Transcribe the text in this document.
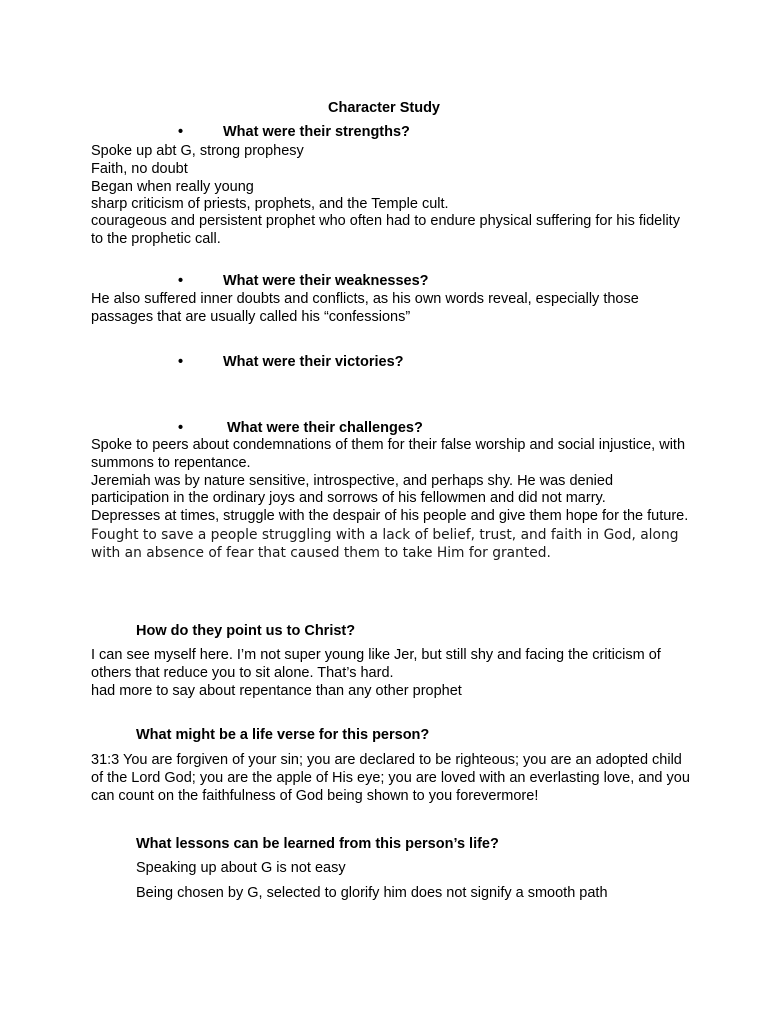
Character Study
•	What were their strengths?
Spoke up abt G, strong prophesy
Faith, no doubt
Began when really young
sharp criticism of priests, prophets, and the Temple cult.
courageous and persistent prophet who often had to endure physical suffering for his fidelity to the prophetic call.
•	What were their weaknesses?
He also suffered inner doubts and conflicts, as his own words reveal, especially those passages that are usually called his “confessions”
•	What were their victories?
•	What were their challenges?
Spoke to peers about condemnations of them for their false worship and social injustice, with summons to repentance.
Jeremiah was by nature sensitive, introspective, and perhaps shy. He was denied participation in the ordinary joys and sorrows of his fellowmen and did not marry.
Depresses at times, struggle with the despair of his people and give them hope for the future.
Fought to save a people struggling with a lack of belief, trust, and faith in God, along with an absence of fear that caused them to take Him for granted.
How do they point us to Christ?
I can see myself here. I’m not super young like Jer, but still shy and facing the criticism of others that reduce you to sit alone. That’s hard.
had more to say about repentance than any other prophet
What might be a life verse for this person?
31:3 You are forgiven of your sin; you are declared to be righteous; you are an adopted child of the Lord God; you are the apple of His eye; you are loved with an everlasting love, and you can count on the faithfulness of God being shown to you forevermore!
What lessons can be learned from this person’s life?
Speaking up about G is not easy
Being chosen by G, selected to glorify him does not signify a smooth path
